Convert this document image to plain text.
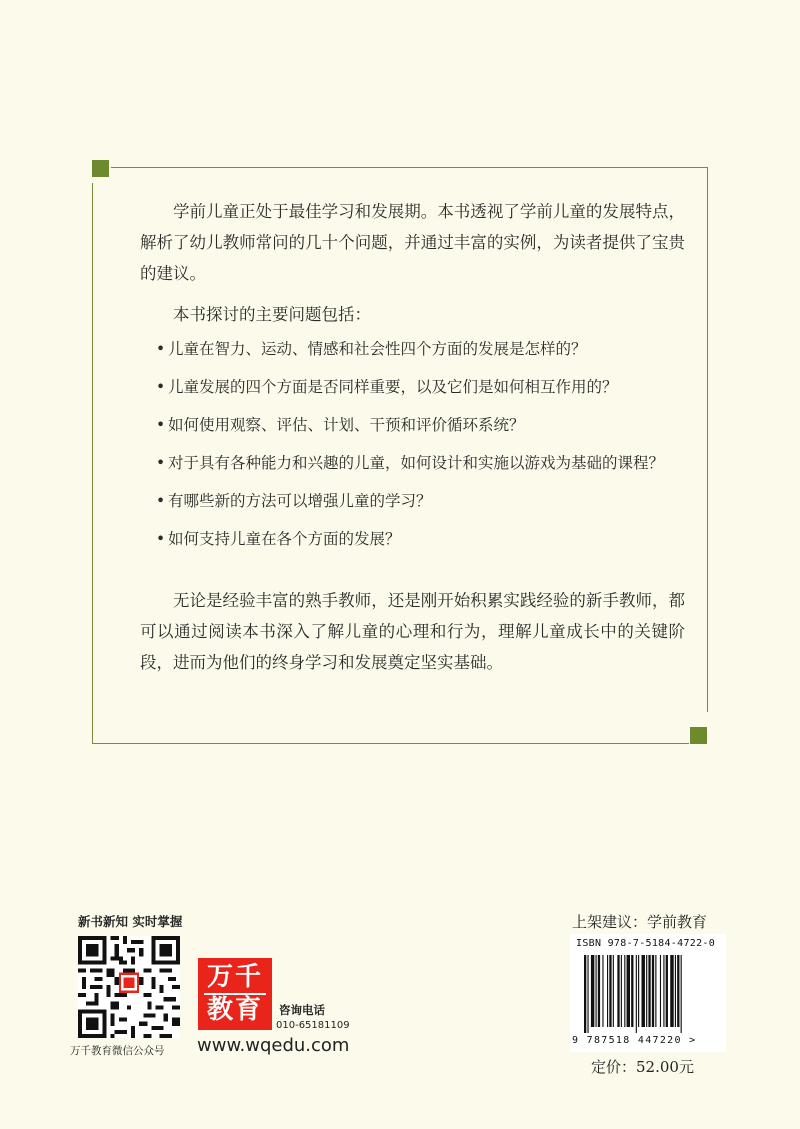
学前儿童正处于最佳学习和发展期。本书透视了学前儿童的发展特点，解析了幼儿教师常问的几十个问题，并通过丰富的实例，为读者提供了宝贵的建议。

本书探讨的主要问题包括：

• 儿童在智力、运动、情感和社会性四个方面的发展是怎样的？
• 儿童发展的四个方面是否同样重要，以及它们是如何相互作用的？
• 如何使用观察、评估、计划、干预和评价循环系统？
• 对于具有各种能力和兴趣的儿童，如何设计和实施以游戏为基础的课程？
• 有哪些新的方法可以增强儿童的学习？
• 如何支持儿童在各个方面的发展？

无论是经验丰富的熟手教师，还是刚开始积累实践经验的新手教师，都可以通过阅读本书深入了解儿童的心理和行为，理解儿童成长中的关键阶段，进而为他们的终身学习和发展奠定坚实基础。

新书新知 实时掌握
万千教育微信公众号
万千
教育	咨询电话
010-65181109
www.wqedu.com
上架建议：学前教育
ISBN 978-7-5184-4722-0
9 787518 447220 >
定价：52.00元
